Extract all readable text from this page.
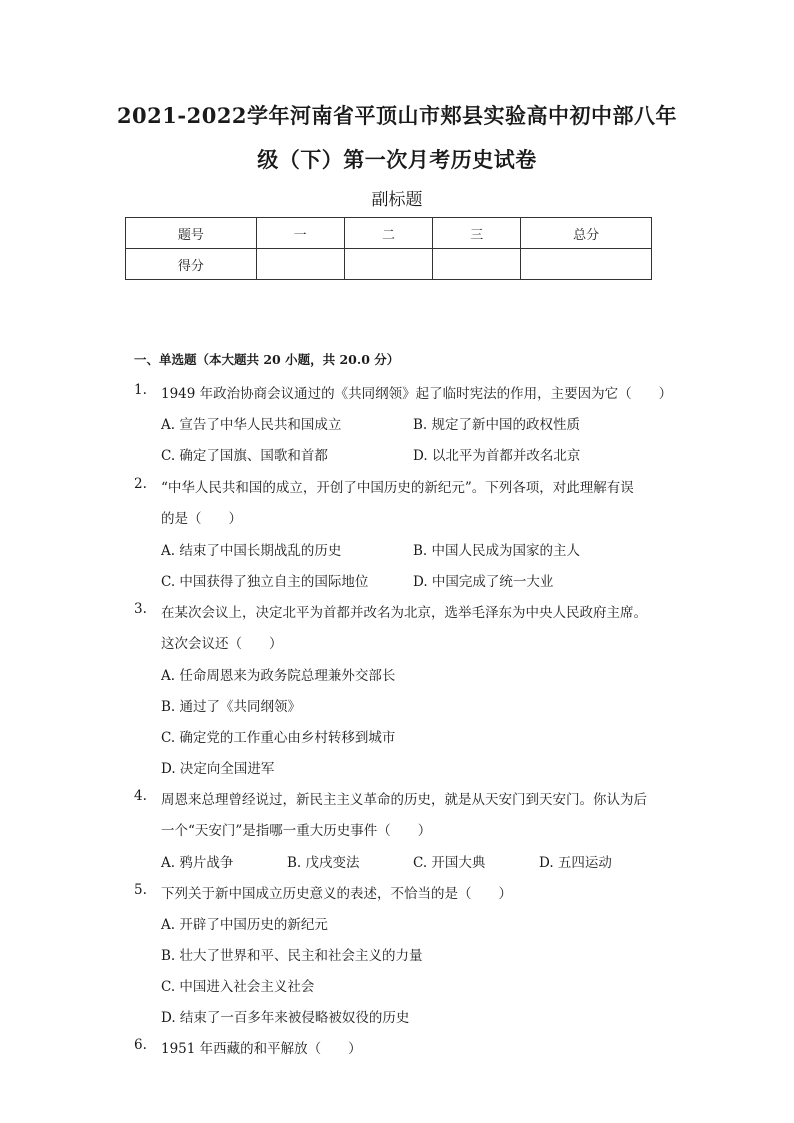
2021-2022学年河南省平顶山市郏县实验高中初中部八年
级（下）第一次月考历史试卷
副标题
题号	一	二	三	总分
得分				
一、单选题（本大题共 20 小题，共 20.0 分）
1. 1949 年政治协商会议通过的《共同纲领》起了临时宪法的作用，主要因为它（　　）
A. 宣告了中华人民共和国成立	B. 规定了新中国的政权性质
C. 确定了国旗、国歌和首都	D. 以北平为首都并改名北京
2. “中华人民共和国的成立，开创了中国历史的新纪元”。下列各项，对此理解有误
的是（　　）
A. 结束了中国长期战乱的历史	B. 中国人民成为国家的主人
C. 中国获得了独立自主的国际地位	D. 中国完成了统一大业
3. 在某次会议上，决定北平为首都并改名为北京，选举毛泽东为中央人民政府主席。
这次会议还（　　）
A. 任命周恩来为政务院总理兼外交部长
B. 通过了《共同纲领》
C. 确定党的工作重心由乡村转移到城市
D. 决定向全国进军
4. 周恩来总理曾经说过，新民主主义革命的历史，就是从天安门到天安门。你认为后
一个“天安门”是指哪一重大历史事件（　　）
A. 鸦片战争	B. 戊戌变法	C. 开国大典	D. 五四运动
5. 下列关于新中国成立历史意义的表述，不恰当的是（　　）
A. 开辟了中国历史的新纪元
B. 壮大了世界和平、民主和社会主义的力量
C. 中国进入社会主义社会
D. 结束了一百多年来被侵略被奴役的历史
6. 1951 年西藏的和平解放（　　）
